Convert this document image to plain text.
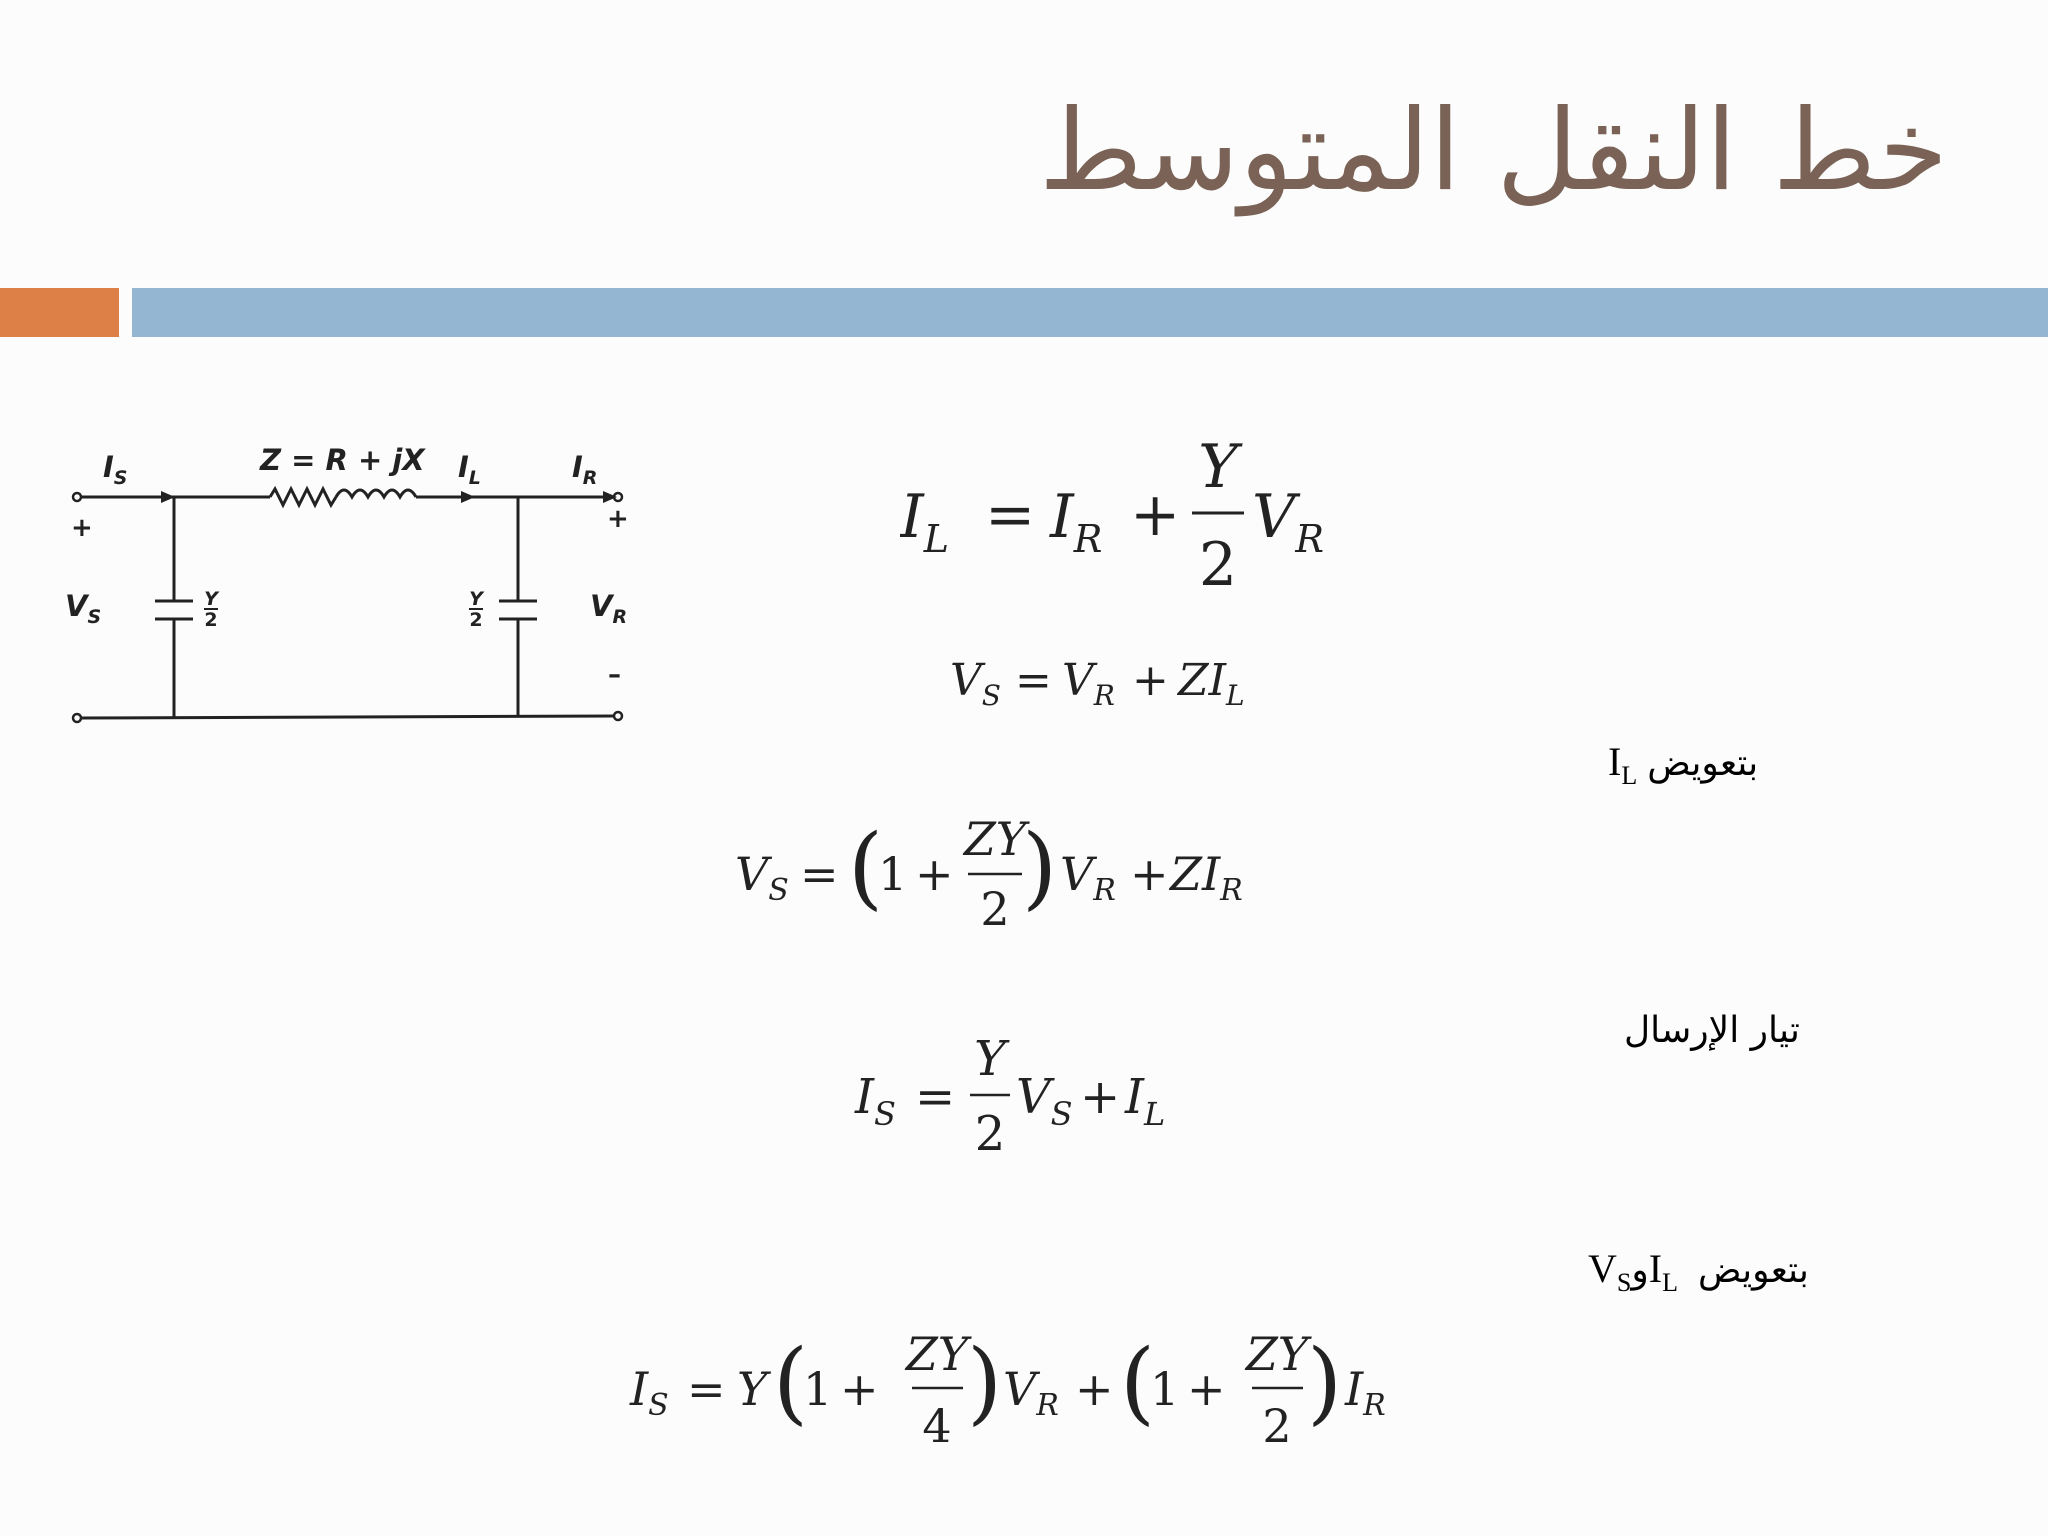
خط النقل المتوسط
Z = R + jX
$I_S$	$I_L$	$I_R$
$V_S$	$V_R$
Y
2
Y
2
+	+
–
$I_L = I_R$ +
Y
2
$V_R$
$V_S = V_R + ZI_L$
$I_L$ بتعويض
$V_S$ = (
1 +
ZY
2 ) $V_R + ZI_R$
تيار الإرسال
$I_S$ =
Y
2
$V_S + I_L$
$V_SوI_L$ بتعويض
$I_S = Y$ (
1 +
ZY
4 ) $V_R$ + (
1 +
ZY
2 ) $I_R$
